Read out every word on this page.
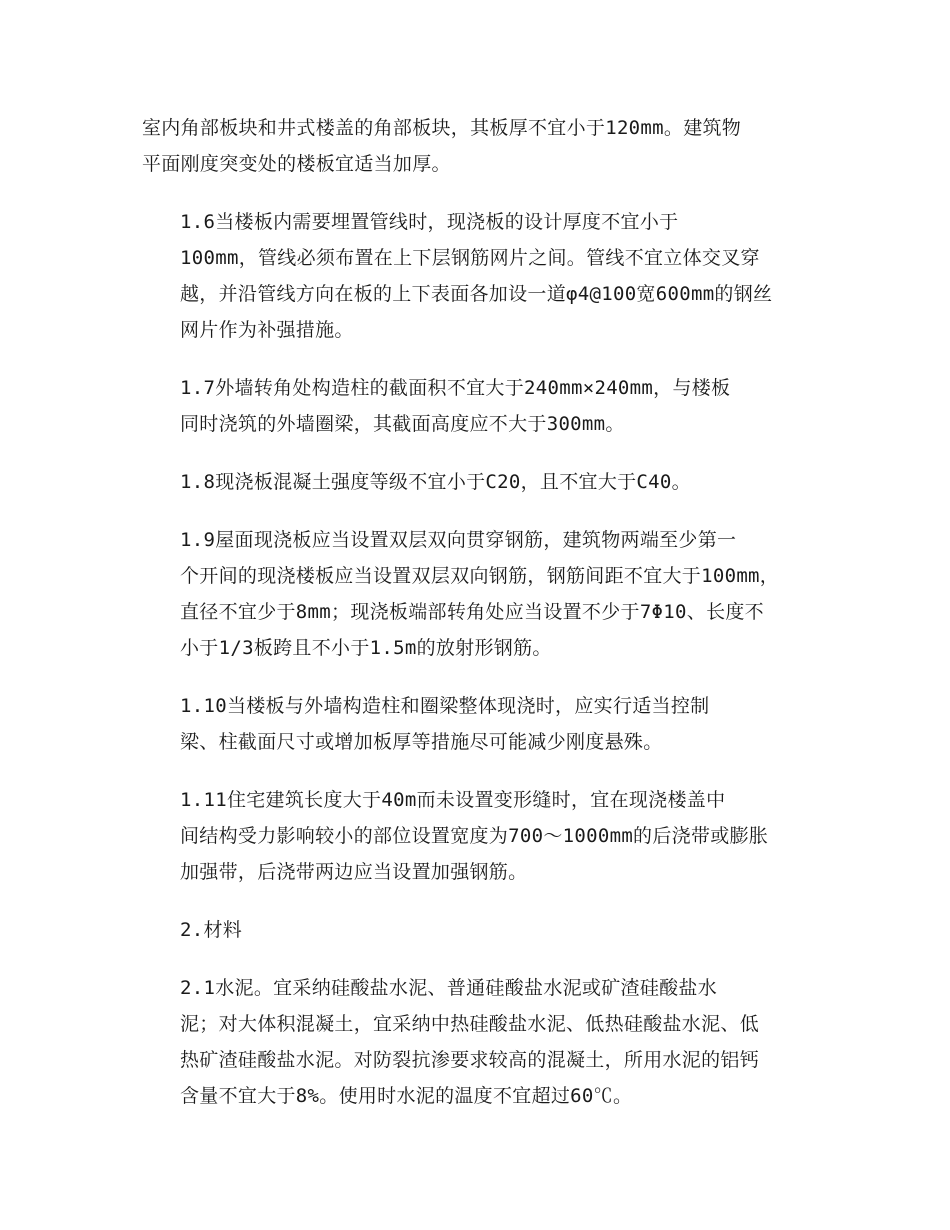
室内角部板块和井式楼盖的角部板块，其板厚不宜小于120mm。建筑物
平面刚度突变处的楼板宜适当加厚。

1.6当楼板内需要埋置管线时，现浇板的设计厚度不宜小于
100mm，管线必须布置在上下层钢筋网片之间。管线不宜立体交叉穿
越，并沿管线方向在板的上下表面各加设一道φ4@100宽600mm的钢丝
网片作为补强措施。

1.7外墙转角处构造柱的截面积不宜大于240mm×240mm，与楼板
同时浇筑的外墙圈梁，其截面高度应不大于300mm。

1.8现浇板混凝土强度等级不宜小于C20，且不宜大于C40。

1.9屋面现浇板应当设置双层双向贯穿钢筋，建筑物两端至少第一
个开间的现浇楼板应当设置双层双向钢筋，钢筋间距不宜大于100mm，
直径不宜少于8mm；现浇板端部转角处应当设置不少于7Φ10、长度不
小于1/3板跨且不小于1.5m的放射形钢筋。

1.10当楼板与外墙构造柱和圈梁整体现浇时，应实行适当控制
梁、柱截面尺寸或增加板厚等措施尽可能减少刚度悬殊。

1.11住宅建筑长度大于40m而未设置变形缝时，宜在现浇楼盖中
间结构受力影响较小的部位设置宽度为700～1000mm的后浇带或膨胀
加强带，后浇带两边应当设置加强钢筋。

2.材料

2.1水泥。宜采纳硅酸盐水泥、普通硅酸盐水泥或矿渣硅酸盐水
泥；对大体积混凝土，宜采纳中热硅酸盐水泥、低热硅酸盐水泥、低
热矿渣硅酸盐水泥。对防裂抗渗要求较高的混凝土，所用水泥的铝钙
含量不宜大于8%。使用时水泥的温度不宜超过60℃。
